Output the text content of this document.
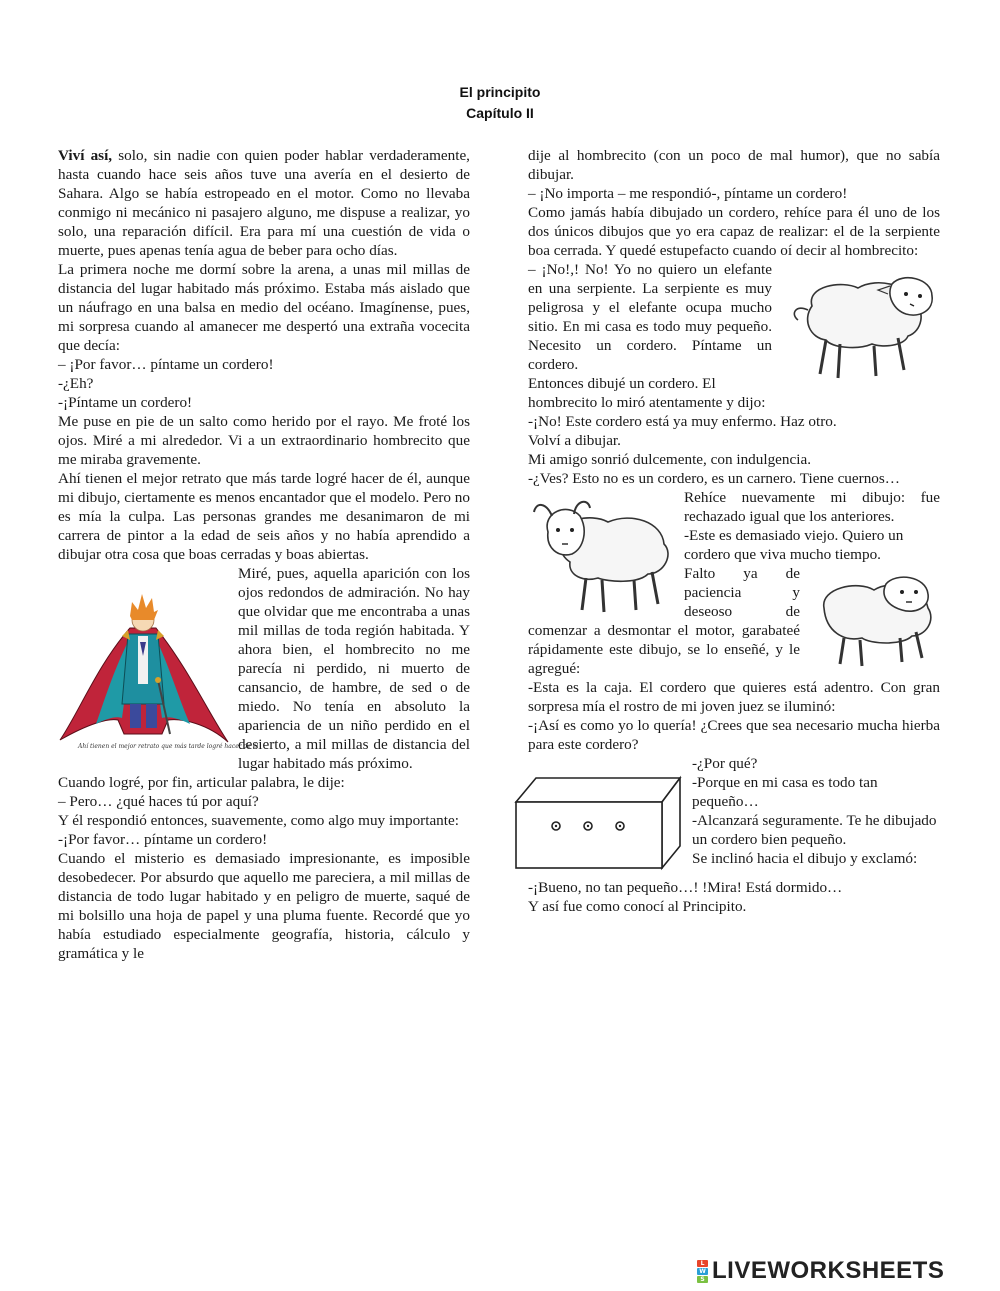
El principito
Capítulo II

Viví así, solo, sin nadie con quien poder hablar verdaderamente, hasta cuando hace seis años tuve una avería en el desierto de Sahara. Algo se había estropeado en el motor. Como no llevaba conmigo ni mecánico ni pasajero alguno, me dispuse a realizar, yo solo, una reparación difícil. Era para mí una cuestión de vida o muerte, pues apenas tenía agua de beber para ocho días.

La primera noche me dormí sobre la arena, a unas mil millas de distancia del lugar habitado más próximo. Estaba más aislado que un náufrago en una balsa en medio del océano. Imagínense, pues, mi sorpresa cuando al amanecer me despertó una extraña vocecita que decía:

– ¡Por favor… píntame un cordero!

-¿Eh?

-¡Píntame un cordero!

Me puse en pie de un salto como herido por el rayo. Me froté los ojos. Miré a mi alrededor. Vi a un extraordinario hombrecito que me miraba gravemente.

Ahí tienen el mejor retrato que más tarde logré hacer de él, aunque mi dibujo, ciertamente es menos encantador que el modelo. Pero no es mía la culpa. Las personas grandes me desanimaron de mi carrera de pintor a la edad de seis años y no había aprendido a dibujar otra cosa que boas cerradas y boas abiertas.

Ahí tienen el mejor retrato que más tarde logré hacer de él

Miré, pues, aquella aparición con los ojos redondos de admiración. No hay que olvidar que me encontraba a unas mil millas de toda región habitada. Y ahora bien, el hombrecito no me parecía ni perdido, ni muerto de cansancio, de hambre, de sed o de miedo. No tenía en absoluto la apariencia de un niño perdido en el desierto, a mil millas de distancia del lugar habitado más próximo.

Cuando logré, por fin, articular palabra, le dije:

– Pero… ¿qué haces tú por aquí?

Y él respondió entonces, suavemente, como algo muy importante:

-¡Por favor… píntame un cordero!

Cuando el misterio es demasiado impresionante, es imposible desobedecer. Por absurdo que aquello me pareciera, a mil millas de distancia de todo lugar habitado y en peligro de muerte, saqué de mi bolsillo una hoja de papel y una pluma fuente. Recordé que yo había estudiado especialmente geografía, historia, cálculo y gramática y le

dije al hombrecito (con un poco de mal humor), que no sabía dibujar.

– ¡No importa – me respondió-, píntame un cordero!

Como jamás había dibujado un cordero, rehíce para él uno de los dos únicos dibujos que yo era capaz de realizar: el de la serpiente boa cerrada. Y quedé estupefacto cuando oí decir al hombrecito:

– ¡No!,! No! Yo no quiero un elefante en una serpiente. La serpiente es muy peligrosa y el elefante ocupa mucho sitio. En mi casa es todo muy pequeño. Necesito un cordero. Píntame un cordero.

Entonces dibujé un cordero. El hombrecito lo miró atentamente y dijo:

-¡No! Este cordero está ya muy enfermo. Haz otro.

Volví a dibujar.

Mi amigo sonrió dulcemente, con indulgencia.

-¿Ves? Esto no es un cordero, es un carnero. Tiene cuernos…

Rehíce nuevamente mi dibujo: fue rechazado igual que los anteriores.

-Este es demasiado viejo. Quiero un cordero que viva mucho tiempo.

Falto ya de paciencia y deseoso de comenzar a desmontar el motor, garabateé rápidamente este dibujo, se lo enseñé, y le agregué:

-Esta es la caja. El cordero que quieres está adentro. Con gran sorpresa mía el rostro de mi joven juez se iluminó:

-¡Así es como yo lo quería! ¿Crees que sea necesario mucha hierba para este cordero?

-¿Por qué?

-Porque en mi casa es todo tan pequeño…

-Alcanzará seguramente. Te he dibujado un cordero bien pequeño.

Se inclinó hacia el dibujo y exclamó:

-¡Bueno, no tan pequeño…! !Mira! Está dormido…

Y así fue como conocí al Principito.

L
W
S LIVEWORKSHEETS
